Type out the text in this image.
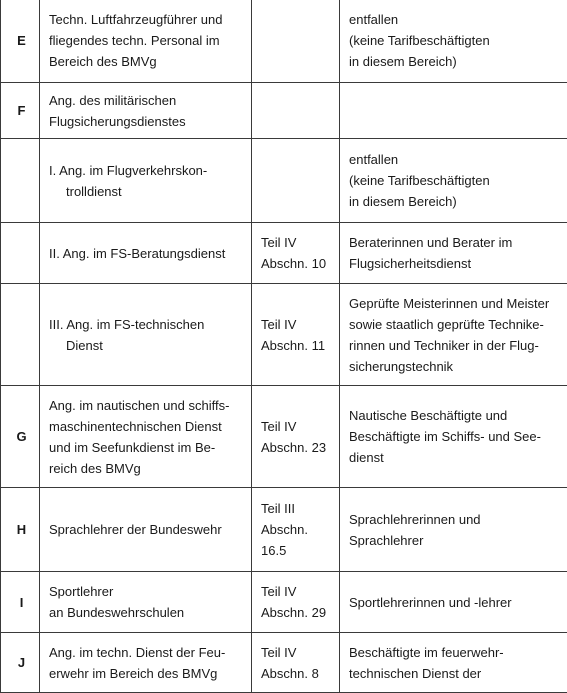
E	Techn. Luftfahrzeugführer und
fliegendes techn. Personal im
Bereich des BMVg		entfallen
(keine Tarifbeschäftigten
in diesem Bereich)

F	Ang. des militärischen
Flugsicherungsdienstes		

	I. Ang. im Flugverkehrskon-
trolldienst		entfallen
(keine Tarifbeschäftigten
in diesem Bereich)

	II. Ang. im FS-Beratungsdienst	Teil IV
Abschn. 10	Beraterinnen und Berater im
Flugsicherheitsdienst

	III. Ang. im FS-technischen
Dienst	Teil IV
Abschn. 11	Geprüfte Meisterinnen und Meister
sowie staatlich geprüfte Technike-
rinnen und Techniker in der Flug-
sicherungstechnik

G	Ang. im nautischen und schiffs-
maschinentechnischen Dienst
und im Seefunkdienst im Be-
reich des BMVg	Teil IV
Abschn. 23	Nautische Beschäftigte und
Beschäftigte im Schiffs- und See-
dienst

H	Sprachlehrer der Bundeswehr	Teil III
Abschn.
16.5	Sprachlehrerinnen und
Sprachlehrer

I	Sportlehrer
an Bundeswehrschulen	Teil IV
Abschn. 29	Sportlehrerinnen und -lehrer

J	Ang. im techn. Dienst der Feu-
erwehr im Bereich des BMVg	Teil IV
Abschn. 8	Beschäftigte im feuerwehr-
technischen Dienst der
